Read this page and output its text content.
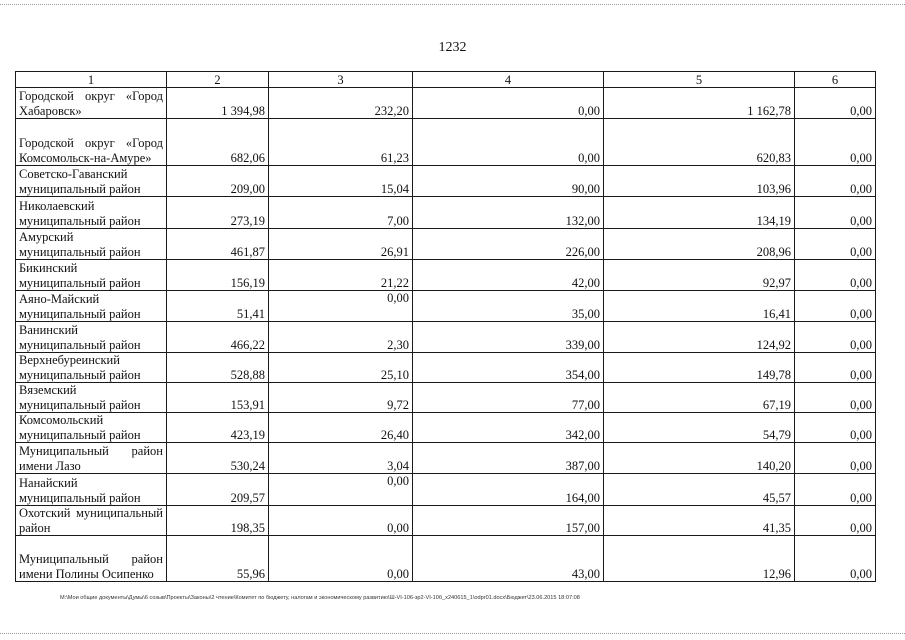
1232
1	2	3	4	5	6
Городской округ «Город Хабаровск»	1 394,98	232,20	0,00	1 162,78	0,00
Городской округ «Город Комсомольск-на-Амуре»	682,06	61,23	0,00	620,83	0,00
Советско-Гаванский муниципальный район	209,00	15,04	90,00	103,96	0,00
Николаевский муниципальный район	273,19	7,00	132,00	134,19	0,00
Амурский муниципальный район	461,87	26,91	226,00	208,96	0,00
Бикинский муниципальный район	156,19	21,22	42,00	92,97	0,00
Аяно-Майский муниципальный район	51,41	0,00	35,00	16,41	0,00
Ванинский муниципальный район	466,22	2,30	339,00	124,92	0,00
Верхнебуреинский муниципальный район	528,88	25,10	354,00	149,78	0,00
Вяземский муниципальный район	153,91	9,72	77,00	67,19	0,00
Комсомольский муниципальный район	423,19	26,40	342,00	54,79	0,00
Муниципальный район имени Лазо	530,24	3,04	387,00	140,20	0,00
Нанайский муниципальный район	209,57	0,00	164,00	45,57	0,00
Охотский муниципальный район	198,35	0,00	157,00	41,35	0,00
Муниципальный район имени Полины Осипенко	55,96	0,00	43,00	12,96	0,00
М:\Мои общие документы\Думы\6 созыв\Проекты\Законы\2 чтение\Комитет по бюджету, налогам и экономическому развитию\Ш-VI-106-зр2-VI-10б_x240615_1\odpr01.docx\Бюджет\23.06.2015 18:07:08
